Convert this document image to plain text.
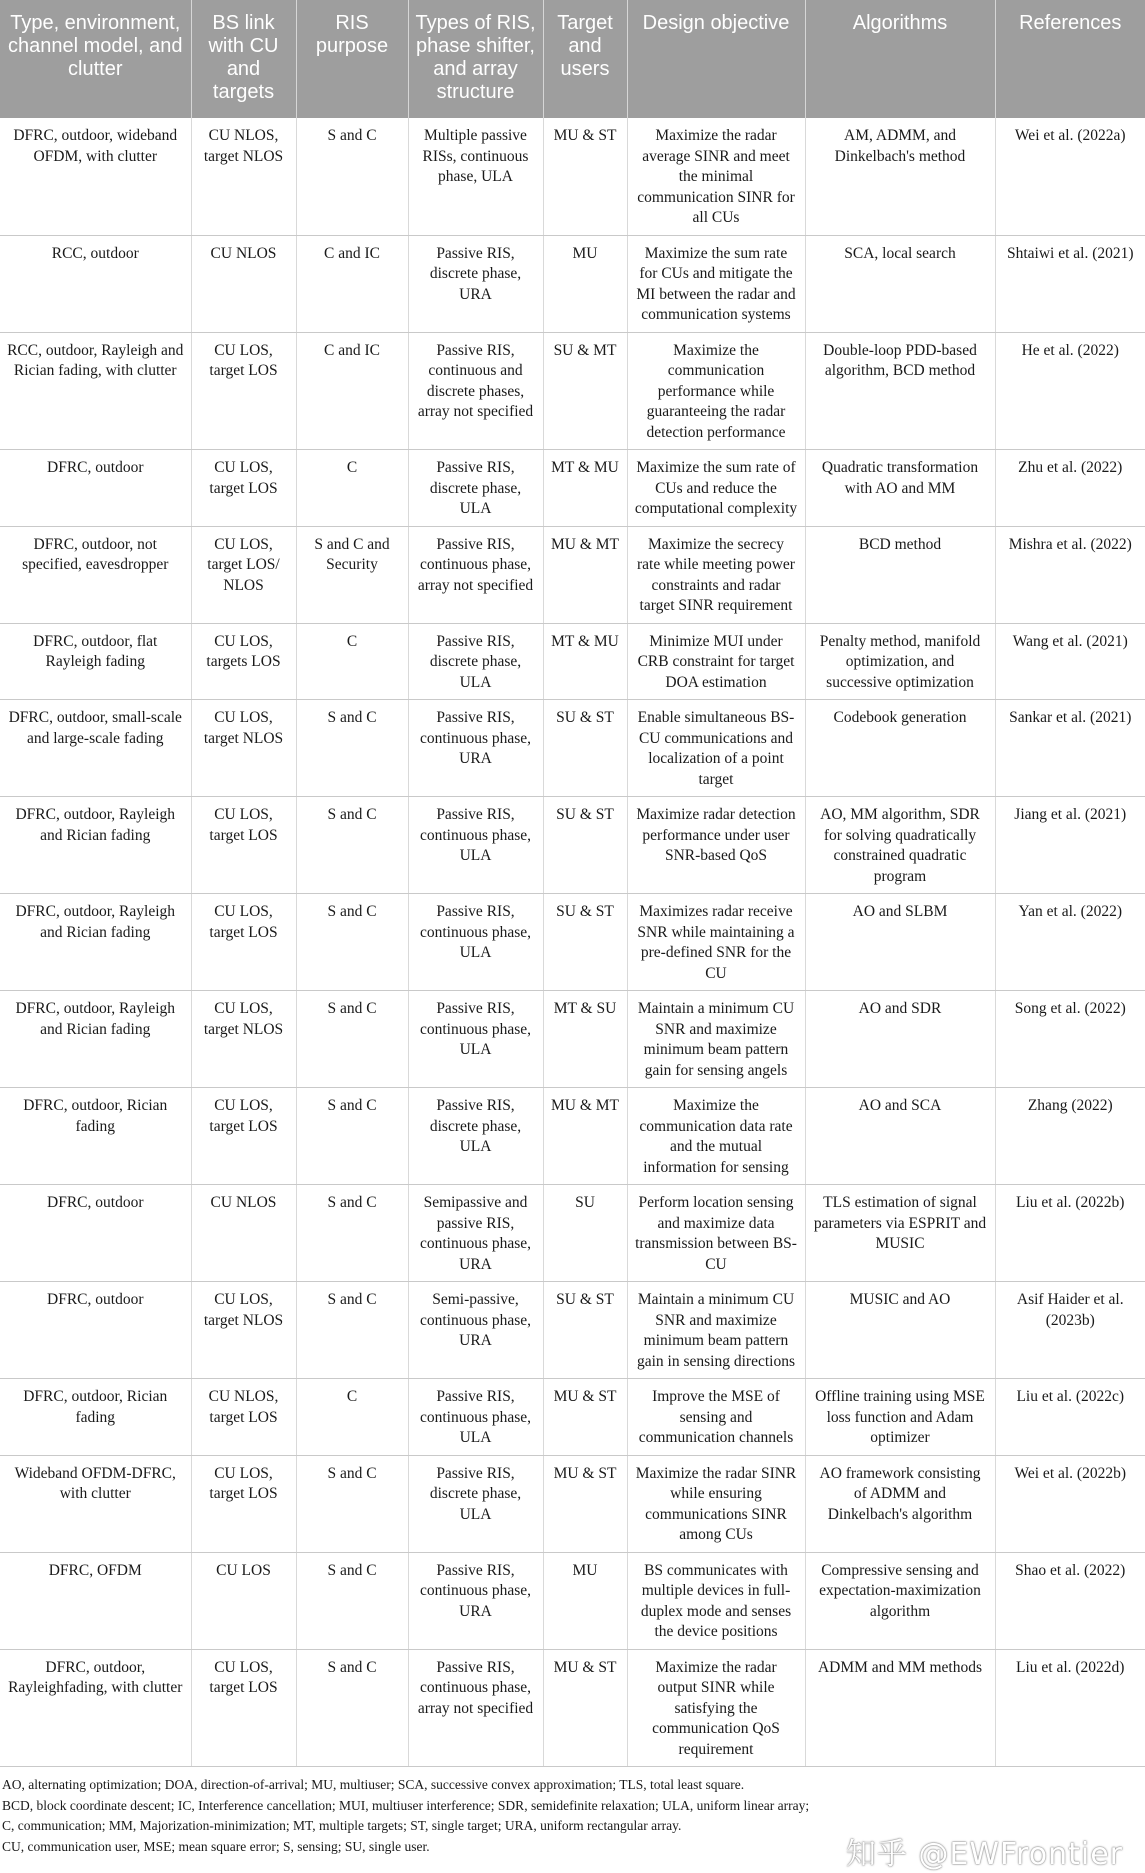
Type, environment, channel model, and clutter	BS link with CU and targets	RIS purpose	Types of RIS, phase shifter, and array structure	Target and users	Design objective	Algorithms	References
DFRC, outdoor, wideband OFDM, with clutter	CU NLOS, target NLOS	S and C	Multiple passive RISs, continuous phase, ULA	MU & ST	Maximize the radar average SINR and meet the minimal communication SINR for all CUs	AM, ADMM, and Dinkelbach's method	Wei et al. (2022a)
RCC, outdoor	CU NLOS	C and IC	Passive RIS, discrete phase, URA	MU	Maximize the sum rate for CUs and mitigate the MI between the radar and communication systems	SCA, local search	Shtaiwi et al. (2021)
RCC, outdoor, Rayleigh and Rician fading, with clutter	CU LOS, target LOS	C and IC	Passive RIS, continuous and discrete phases, array not specified	SU & MT	Maximize the communication performance while guaranteeing the radar detection performance	Double-loop PDD-based algorithm, BCD method	He et al. (2022)
DFRC, outdoor	CU LOS, target LOS	C	Passive RIS, discrete phase, ULA	MT & MU	Maximize the sum rate of CUs and reduce the computational complexity	Quadratic transformation with AO and MM	Zhu et al. (2022)
DFRC, outdoor, not specified, eavesdropper	CU LOS, target LOS/ NLOS	S and C and Security	Passive RIS, continuous phase, array not specified	MU & MT	Maximize the secrecy rate while meeting power constraints and radar target SINR requirement	BCD method	Mishra et al. (2022)
DFRC, outdoor, flat Rayleigh fading	CU LOS, targets LOS	C	Passive RIS, discrete phase, ULA	MT & MU	Minimize MUI under CRB constraint for target DOA estimation	Penalty method, manifold optimization, and successive optimization	Wang et al. (2021)
DFRC, outdoor, small-scale and large-scale fading	CU LOS, target NLOS	S and C	Passive RIS, continuous phase, URA	SU & ST	Enable simultaneous BS-CU communications and localization of a point target	Codebook generation	Sankar et al. (2021)
DFRC, outdoor, Rayleigh and Rician fading	CU LOS, target LOS	S and C	Passive RIS, continuous phase, ULA	SU & ST	Maximize radar detection performance under user SNR-based QoS	AO, MM algorithm, SDR for solving quadratically constrained quadratic program	Jiang et al. (2021)
DFRC, outdoor, Rayleigh and Rician fading	CU LOS, target LOS	S and C	Passive RIS, continuous phase, ULA	SU & ST	Maximizes radar receive SNR while maintaining a pre-defined SNR for the CU	AO and SLBM	Yan et al. (2022)
DFRC, outdoor, Rayleigh and Rician fading	CU LOS, target NLOS	S and C	Passive RIS, continuous phase, ULA	MT & SU	Maintain a minimum CU SNR and maximize minimum beam pattern gain for sensing angels	AO and SDR	Song et al. (2022)
DFRC, outdoor, Rician fading	CU LOS, target LOS	S and C	Passive RIS, discrete phase, ULA	MU & MT	Maximize the communication data rate and the mutual information for sensing	AO and SCA	Zhang (2022)
DFRC, outdoor	CU NLOS	S and C	Semipassive and passive RIS, continuous phase, URA	SU	Perform location sensing and maximize data transmission between BS-CU	TLS estimation of signal parameters via ESPRIT and MUSIC	Liu et al. (2022b)
DFRC, outdoor	CU LOS, target NLOS	S and C	Semi-passive, continuous phase, URA	SU & ST	Maintain a minimum CU SNR and maximize minimum beam pattern gain in sensing directions	MUSIC and AO	Asif Haider et al. (2023b)
DFRC, outdoor, Rician fading	CU NLOS, target LOS	C	Passive RIS, continuous phase, ULA	MU & ST	Improve the MSE of sensing and communication channels	Offline training using MSE loss function and Adam optimizer	Liu et al. (2022c)
Wideband OFDM-DFRC, with clutter	CU LOS, target LOS	S and C	Passive RIS, discrete phase, ULA	MU & ST	Maximize the radar SINR while ensuring communications SINR among CUs	AO framework consisting of ADMM and Dinkelbach's algorithm	Wei et al. (2022b)
DFRC, OFDM	CU LOS	S and C	Passive RIS, continuous phase, URA	MU	BS communicates with multiple devices in full-duplex mode and senses the device positions	Compressive sensing and expectation-maximization algorithm	Shao et al. (2022)
DFRC, outdoor, Rayleighfading, with clutter	CU LOS, target LOS	S and C	Passive RIS, continuous phase, array not specified	MU & ST	Maximize the radar output SINR while satisfying the communication QoS requirement	ADMM and MM methods	Liu et al. (2022d)

AO, alternating optimization; DOA, direction-of-arrival; MU, multiuser; SCA, successive convex approximation; TLS, total least square.

BCD, block coordinate descent; IC, Interference cancellation; MUI, multiuser interference; SDR, semidefinite relaxation; ULA, uniform linear array;

C, communication; MM, Majorization-minimization; MT, multiple targets; ST, single target; URA, uniform rectangular array.

CU, communication user, MSE; mean square error; S, sensing; SU, single user.	知乎 @EWFrontier
